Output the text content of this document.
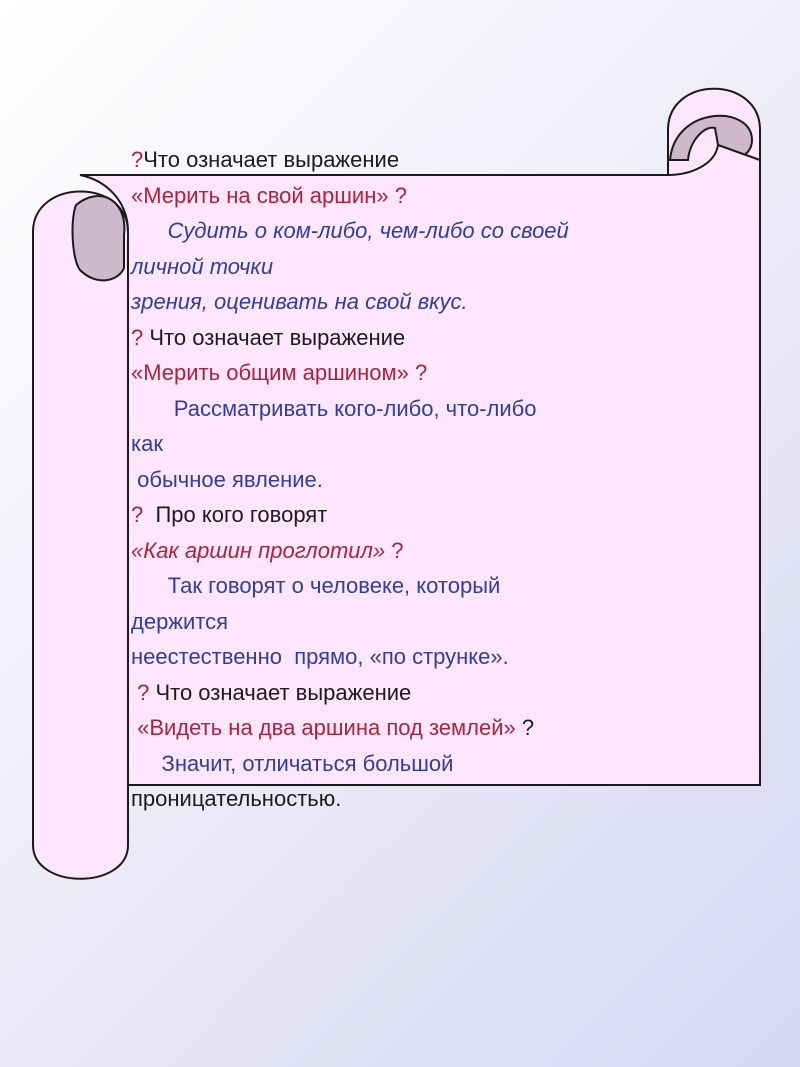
?Что означает выражение
«Мерить на свой аршин» ?
Судить о ком-либо, чем-либо со своей
личной точки
зрения, оценивать на свой вкус.
? Что означает выражение
«Мерить общим аршином» ?
Рассматривать кого-либо, что-либо
как
обычное явление.
?  Про кого говорят
«Как аршин проглотил» ?
Так говорят о человеке, который
держится
неестественно  прямо, «по струнке».
? Что означает выражение
«Видеть на два аршина под землей» ?
Значит, отличаться большой
проницательностью.
